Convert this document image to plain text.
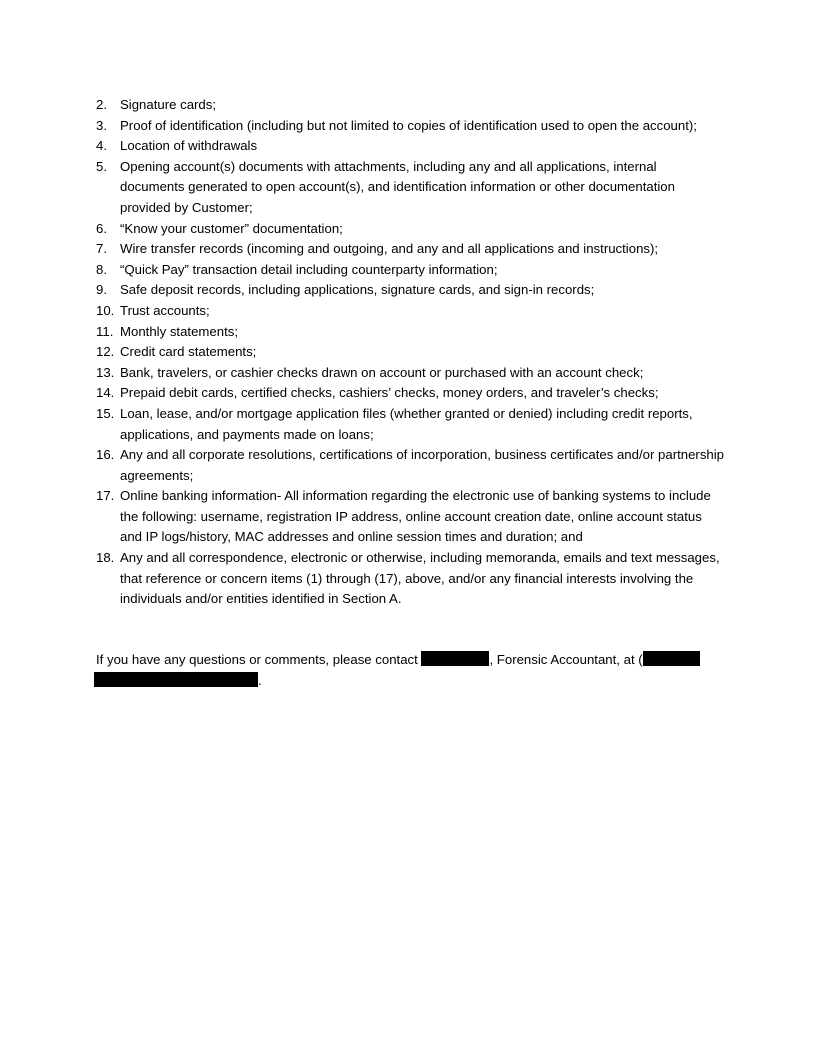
2. Signature cards;
3. Proof of identification (including but not limited to copies of identification used to open the account);
4. Location of withdrawals
5. Opening account(s) documents with attachments, including any and all applications, internal documents generated to open account(s), and identification information or other documentation provided by Customer;
6. “Know your customer” documentation;
7. Wire transfer records (incoming and outgoing, and any and all applications and instructions);
8. “Quick Pay” transaction detail including counterparty information;
9. Safe deposit records, including applications, signature cards, and sign-in records;
10. Trust accounts;
11. Monthly statements;
12. Credit card statements;
13. Bank, travelers, or cashier checks drawn on account or purchased with an account check;
14. Prepaid debit cards, certified checks, cashiers’ checks, money orders, and traveler’s checks;
15. Loan, lease, and/or mortgage application files (whether granted or denied) including credit reports, applications, and payments made on loans;
16. Any and all corporate resolutions, certifications of incorporation, business certificates and/or partnership agreements;
17. Online banking information- All information regarding the electronic use of banking systems to include the following: username, registration IP address, online account creation date, online account status and IP logs/history, MAC addresses and online session times and duration; and
18. Any and all correspondence, electronic or otherwise, including memoranda, emails and text messages, that reference or concern items (1) through (17), above, and/or any financial interests involving the individuals and/or entities identified in Section A.

If you have any questions or comments, please contact	, Forensic Accountant, at (
.
